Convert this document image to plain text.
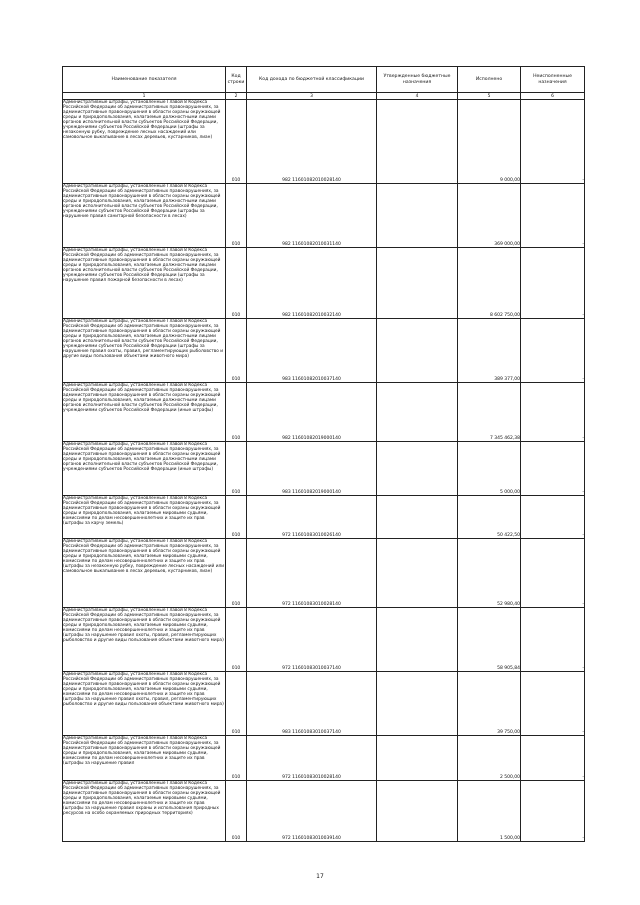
Наименование показателя	Код строки	Код дохода по бюджетной классификации	Утвержденные бюджетные назначения	Исполнено	Неисполненные назначения
1	2	3	4	5	6
Административные штрафы, установленные Главой 8 Кодекса Российской Федерации об административных правонарушениях, за административные правонарушения в области охраны окружающей среды и природопользования, налагаемые должностными лицами органов исполнительной власти субъектов Российской Федерации, учреждениями субъектов Российской Федерации (штрафы за незаконную рубку, повреждение лесных насаждений или самовольное выкапывание в лесах деревьев, кустарников, лиан)	010	982 11601082010028140		9 000,00	-
Административные штрафы, установленные Главой 8 Кодекса Российской Федерации об административных правонарушениях, за административные правонарушения в области охраны окружающей среды и природопользования, налагаемые должностными лицами органов исполнительной власти субъектов Российской Федерации, учреждениями субъектов Российской Федерации (штрафы за нарушение правил санитарной безопасности в лесах)	010	982 11601082010031140		369 000,00	-
Административные штрафы, установленные Главой 8 Кодекса Российской Федерации об административных правонарушениях, за административные правонарушения в области охраны окружающей среды и природопользования, налагаемые должностными лицами органов исполнительной власти субъектов Российской Федерации, учреждениями субъектов Российской Федерации (штрафы за нарушение правил пожарной безопасности в лесах)	010	982 11601082010032140		8 602 750,00	-
Административные штрафы, установленные Главой 8 Кодекса Российской Федерации об административных правонарушениях, за административные правонарушения в области охраны окружающей среды и природопользования, налагаемые должностными лицами органов исполнительной власти субъектов Российской Федерации, учреждениями субъектов Российской Федерации (штрафы за нарушение правил охоты, правил, регламентирующих рыболовство и другие виды пользования объектами животного мира)	010	983 11601082010037140		389 377,00	-
Административные штрафы, установленные Главой 8 Кодекса Российской Федерации об административных правонарушениях, за административные правонарушения в области охраны окружающей среды и природопользования, налагаемые должностными лицами органов исполнительной власти субъектов Российской Федерации, учреждениями субъектов Российской Федерации (иные штрафы)	010	982 11601082019000140		7 345 462,38	-
Административные штрафы, установленные Главой 8 Кодекса Российской Федерации об административных правонарушениях, за административные правонарушения в области охраны окружающей среды и природопользования, налагаемые должностными лицами органов исполнительной власти субъектов Российской Федерации, учреждениями субъектов Российской Федерации (иные штрафы)	010	983 11601082019000140		5 000,00	-
Административные штрафы, установленные Главой 8 Кодекса Российской Федерации об административных правонарушениях, за административные правонарушения в области охраны окружающей среды и природопользования, налагаемые мировыми судьями, комиссиями по делам несовершеннолетних и защите их прав (штрафы за карчу земель)	010	972 11601083010026140		50 422,50	-
Административные штрафы, установленные Главой 8 Кодекса Российской Федерации об административных правонарушениях, за административные правонарушения в области охраны окружающей среды и природопользования, налагаемые мировыми судьями, комиссиями по делам несовершеннолетних и защите их прав (штрафы за незаконную рубку, повреждение лесных насаждений или самовольное выкапывание в лесах деревьев, кустарников, лиан)	010	972 11601083010028140		52 980,40	-
Административные штрафы, установленные Главой 8 Кодекса Российской Федерации об административных правонарушениях, за административные правонарушения в области охраны окружающей среды и природопользования, налагаемые мировыми судьями, комиссиями по делам несовершеннолетних и защите их прав (штрафы за нарушение правил охоты, правил, регламентирующих рыболовство и другие виды пользования объектами животного мира)	010	972 11601083010037140		58 905,84	-
Административные штрафы, установленные Главой 8 Кодекса Российской Федерации об административных правонарушениях, за административные правонарушения в области охраны окружающей среды и природопользования, налагаемые мировыми судьями, комиссиями по делам несовершеннолетних и защите их прав (штрафы за нарушение правил охоты, правил, регламентирующих рыболовство и другие виды пользования объектами животного мира)	010	983 11601083010037140		39 750,00	-
Административные штрафы, установленные Главой 8 Кодекса Российской Федерации об административных правонарушениях, за административные правонарушения в области охраны окружающей среды и природопользования, налагаемые мировыми судьями, комиссиями по делам несовершеннолетних и защите их прав (штрафы за нарушение правил	010	972 11601083010028140		2 500,00	-
Административные штрафы, установленные Главой 8 Кодекса Российской Федерации об административных правонарушениях, за административные правонарушения в области охраны окружающей среды и природопользования, налагаемые мировыми судьями, комиссиями по делам несовершеннолетних и защите их прав (штрафы за нарушение правил охраны и использования природных ресурсов на особо охраняемых природных территориях)	010	972 11601083010039140		1 500,00	-
17
